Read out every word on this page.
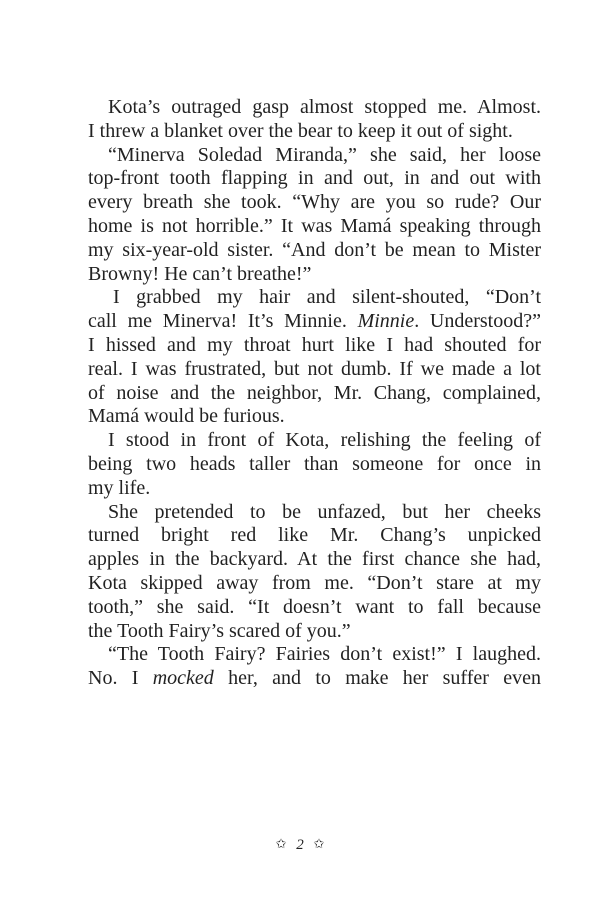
Kota’s outraged gasp almost stopped me. Almost.
I threw a blanket over the bear to keep it out of sight.
“Minerva Soledad Miranda,” she said, her loose
top-front tooth flapping in and out, in and out with
every breath she took. “Why are you so rude? Our
home is not horrible.” It was Mamá speaking through
my six-year-old sister. “And don’t be mean to Mister
Browny! He can’t breathe!”
I grabbed my hair and silent-shouted, “Don’t
call me Minerva! It’s Minnie. Minnie. Understood?”
I hissed and my throat hurt like I had shouted for
real. I was frustrated, but not dumb. If we made a lot
of noise and the neighbor, Mr. Chang, complained,
Mamá would be furious.
I stood in front of Kota, relishing the feeling of
being two heads taller than someone for once in
my life.
She pretended to be unfazed, but her cheeks
turned bright red like Mr. Chang’s unpicked
apples in the backyard. At the first chance she had,
Kota skipped away from me. “Don’t stare at my
tooth,” she said. “It doesn’t want to fall because
the Tooth Fairy’s scared of you.”
“The Tooth Fairy? Fairies don’t exist!” I laughed.
No. I mocked her, and to make her suffer even
✩ 2 ✩
